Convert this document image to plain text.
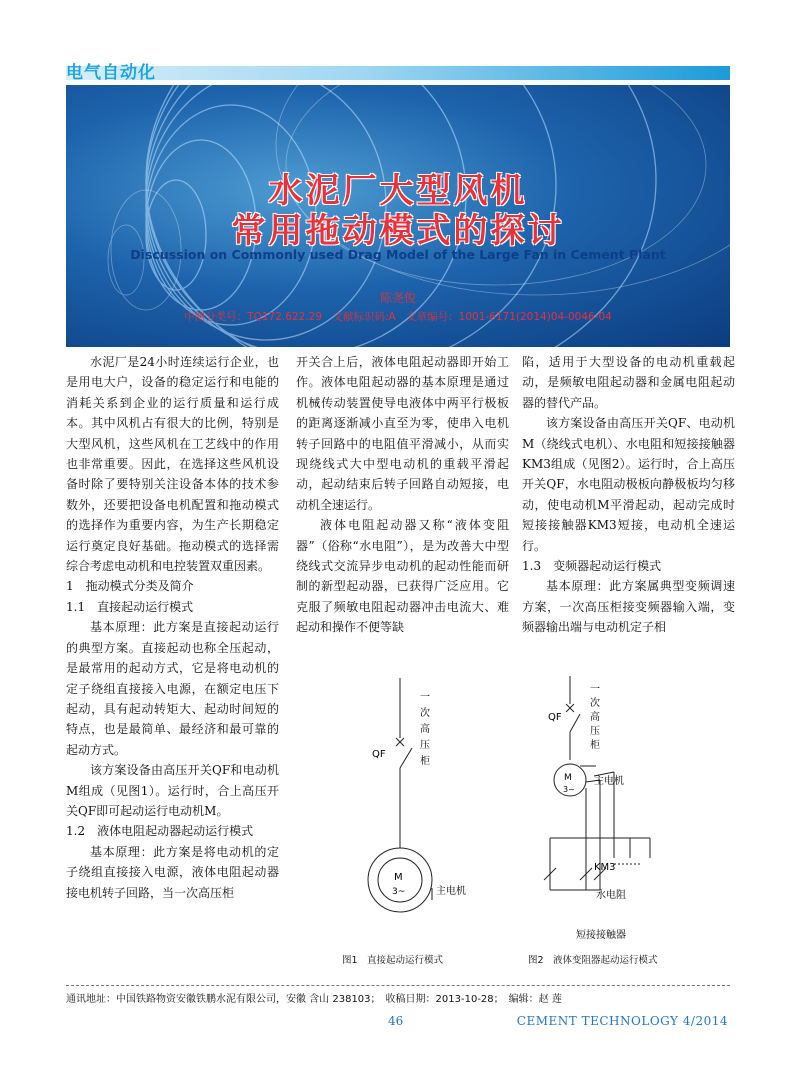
电气自动化
水泥厂大型风机
常用拖动模式的探讨
Discussion on Commonly used Drag Model of the Large Fan in Cement Plant
陈尧俊
中图分类号：TQ172.622.29　文献标识码:A　文章编号：1001-6171(2014)04-0046-04

水泥厂是24小时连续运行企业，也是用电大户，设备的稳定运行和电能的消耗关系到企业的运行质量和运行成本。其中风机占有很大的比例，特别是大型风机，这些风机在工艺线中的作用也非常重要。因此，在选择这些风机设备时除了要特别关注设备本体的技术参数外，还要把设备电机配置和拖动模式的选择作为重要内容，为生产长期稳定运行奠定良好基础。拖动模式的选择需综合考虑电动机和电控装置双重因素。

1　拖动模式分类及简介

1.1　直接起动运行模式

基本原理：此方案是直接起动运行的典型方案。直接起动也称全压起动，是最常用的起动方式，它是将电动机的定子绕组直接接入电源，在额定电压下起动，具有起动转矩大、起动时间短的特点，也是最简单、最经济和最可靠的起动方式。

该方案设备由高压开关QF和电动机M组成（见图1）。运行时，合上高压开关QF即可起动运行电动机M。

1.2　液体电阻起动器起动运行模式

基本原理：此方案是将电动机的定子绕组直接接入电源，液体电阻起动器接电机转子回路，当一次高压柜

开关合上后，液体电阻起动器即开始工作。液体电阻起动器的基本原理是通过机械传动装置使导电液体中两平行极板的距离逐渐减小直至为零，使串入电机转子回路中的电阻值平滑减小，从而实现绕线式大中型电动机的重载平滑起动，起动结束后转子回路自动短接，电动机全速运行。

液体电阻起动器又称“液体变阻器”（俗称“水电阻”），是为改善大中型绕线式交流异步电动机的起动性能而研制的新型起动器，已获得广泛应用。它克服了频敏电阻起动器冲击电流大、难起动和操作不便等缺

陷，适用于大型设备的电动机重载起动，是频敏电阻起动器和金属电阻起动器的替代产品。

该方案设备由高压开关QF、电动机M（绕线式电机）、水电阻和短接接触器KM3组成（见图2）。运行时，合上高压开关QF，水电阻动极板向静极板均匀移动，使电动机M平滑起动，起动完成时短接接触器KM3短接，电动机全速运行。

1.3　变频器起动运行模式

基本原理：此方案属典型变频调速方案，一次高压柜接变频器输入端，变频器输出端与电动机定子相

一
次
高
压
柜
QF
M
3~	主电机
图1　直接起动运行模式
一
次
高
压
柜
QF
M
3~
主电机
KM3
水电阻
短接接触器
图2　液体变阻器起动运行模式
通讯地址：中国铁路物资安徽铁鹏水泥有限公司，安徽 含山 238103；　收稿日期：2013-10-28；　编辑：赵 莲
46	CEMENT TECHNOLOGY 4/2014
